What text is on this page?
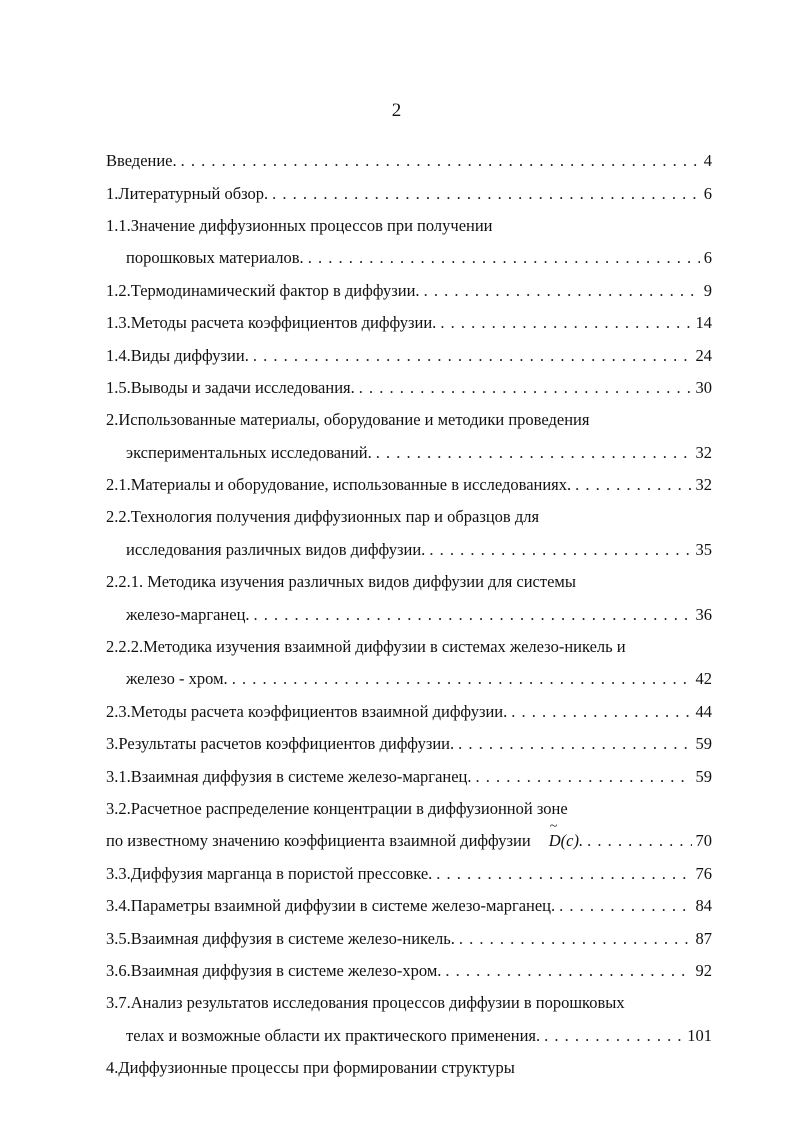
2
Введение. . . .	4
1.Литературный обзор. . . .	6
1.1.Значение диффузионных процессов при получении
порошковых материалов. . . .	6
1.2.Термодинамический фактор в диффузии. . . .	9
1.3.Методы расчета коэффициентов диффузии. . . .	14
1.4.Виды диффузии. . . .	24
1.5.Выводы и задачи исследования. . . .	30
2.Использованные материалы, оборудование и методики проведения
экспериментальных исследований. . . .	32
2.1.Материалы и оборудование, использованные в исследованиях. . . .	32
2.2.Технология получения диффузионных пар и образцов для
исследования различных видов диффузии. . . .	35
2.2.1. Методика изучения различных видов диффузии для системы
железо-марганец. . . .	36
2.2.2.Методика изучения взаимной диффузии в системах железо-никель и
железо - хром. . . .	42
2.3.Методы расчета коэффициентов взаимной диффузии. . . .	44
3.Результаты расчетов коэффициентов диффузии. . . .	59
3.1.Взаимная диффузия в системе железо-марганец. . . .	59
3.2.Расчетное распределение концентрации в диффузионной зоне
по известному значению коэффициента взаимной диффузии ~ D(c). . . .	70
3.3.Диффузия марганца в пористой прессовке. . . .	76
3.4.Параметры взаимной диффузии в системе железо-марганец. . . .	84
3.5.Взаимная диффузия в системе железо-никель. . . .	87
3.6.Взаимная диффузия в системе железо-хром. . . .	92
3.7.Анализ результатов исследования процессов диффузии в порошковых
телах и возможные области их практического применения. . . .	101
4.Диффузионные процессы при формировании структуры
